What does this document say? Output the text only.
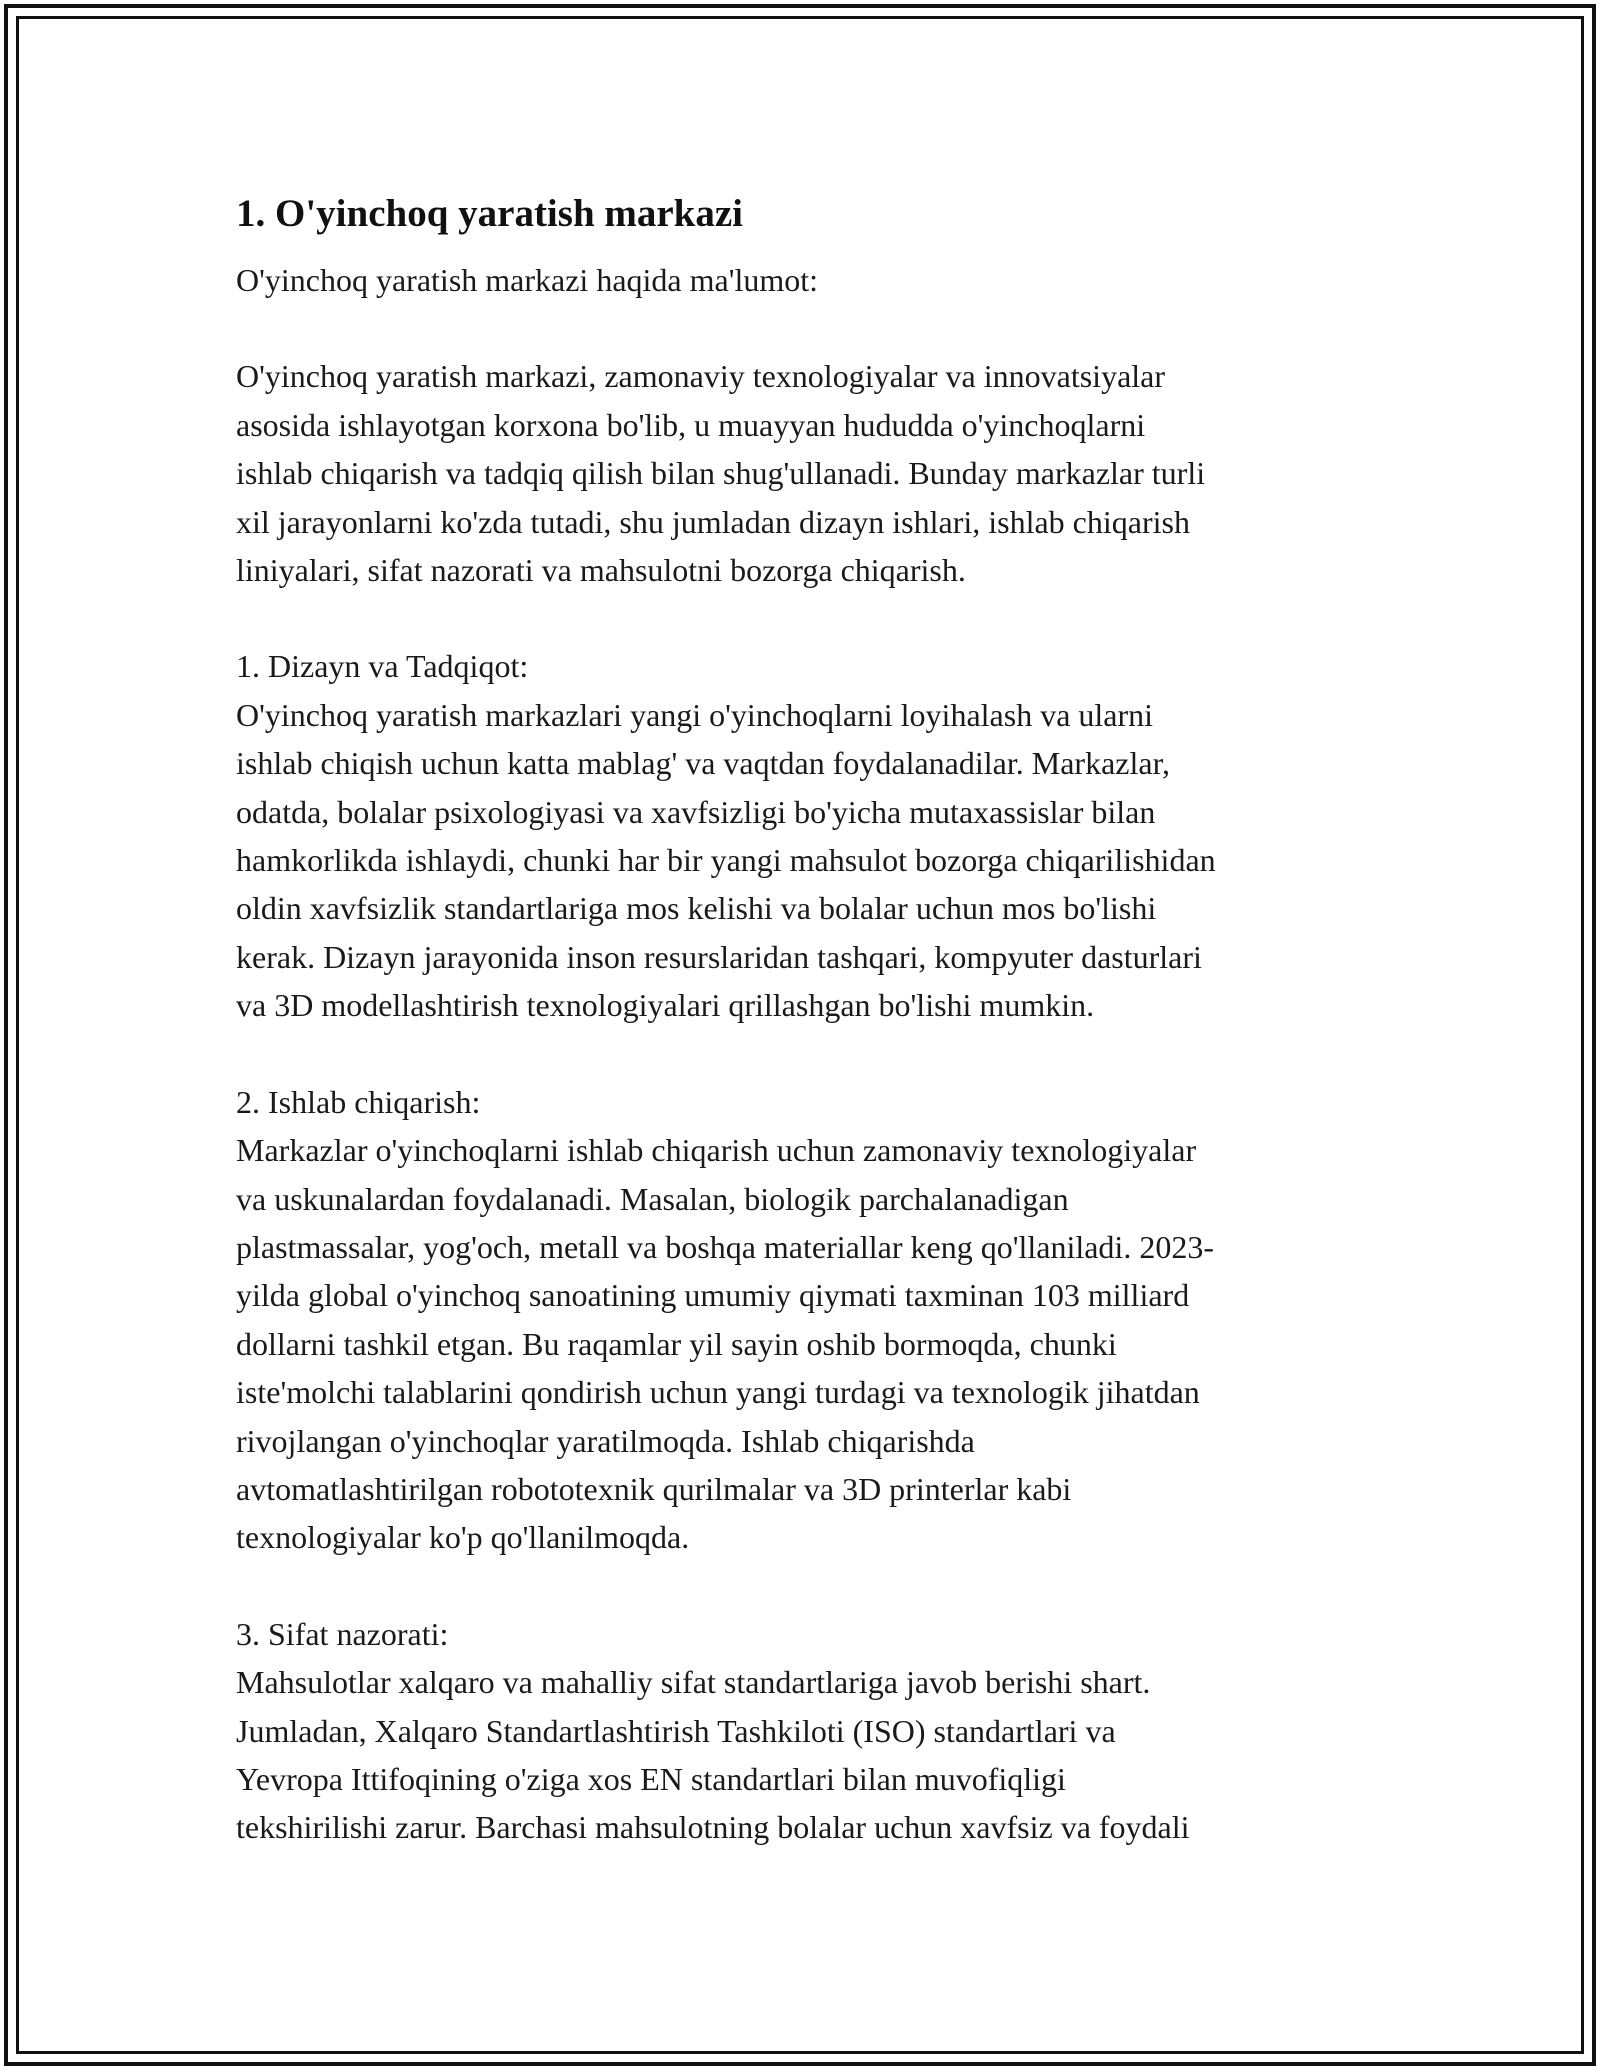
1. O'yinchoq yaratish markazi

O'yinchoq yaratish markazi haqida ma'lumot:

O'yinchoq yaratish markazi, zamonaviy texnologiyalar va innovatsiyalar
asosida ishlayotgan korxona bo'lib, u muayyan hududda o'yinchoqlarni
ishlab chiqarish va tadqiq qilish bilan shug'ullanadi. Bunday markazlar turli
xil jarayonlarni ko'zda tutadi, shu jumladan dizayn ishlari, ishlab chiqarish
liniyalari, sifat nazorati va mahsulotni bozorga chiqarish.
1. Dizayn va Tadqiqot:
O'yinchoq yaratish markazlari yangi o'yinchoqlarni loyihalash va ularni
ishlab chiqish uchun katta mablag' va vaqtdan foydalanadilar. Markazlar,
odatda, bolalar psixologiyasi va xavfsizligi bo'yicha mutaxassislar bilan
hamkorlikda ishlaydi, chunki har bir yangi mahsulot bozorga chiqarilishidan
oldin xavfsizlik standartlariga mos kelishi va bolalar uchun mos bo'lishi
kerak. Dizayn jarayonida inson resurslaridan tashqari, kompyuter dasturlari
va 3D modellashtirish texnologiyalari qrillashgan bo'lishi mumkin.
2. Ishlab chiqarish:
Markazlar o'yinchoqlarni ishlab chiqarish uchun zamonaviy texnologiyalar
va uskunalardan foydalanadi. Masalan, biologik parchalanadigan
plastmassalar, yog'och, metall va boshqa materiallar keng qo'llaniladi. 2023-
yilda global o'yinchoq sanoatining umumiy qiymati taxminan 103 milliard
dollarni tashkil etgan. Bu raqamlar yil sayin oshib bormoqda, chunki
iste'molchi talablarini qondirish uchun yangi turdagi va texnologik jihatdan
rivojlangan o'yinchoqlar yaratilmoqda. Ishlab chiqarishda
avtomatlashtirilgan robototexnik qurilmalar va 3D printerlar kabi
texnologiyalar ko'p qo'llanilmoqda.
3. Sifat nazorati:
Mahsulotlar xalqaro va mahalliy sifat standartlariga javob berishi shart.
Jumladan, Xalqaro Standartlashtirish Tashkiloti (ISO) standartlari va
Yevropa Ittifoqining o'ziga xos EN standartlari bilan muvofiqligi
tekshirilishi zarur. Barchasi mahsulotning bolalar uchun xavfsiz va foydali
